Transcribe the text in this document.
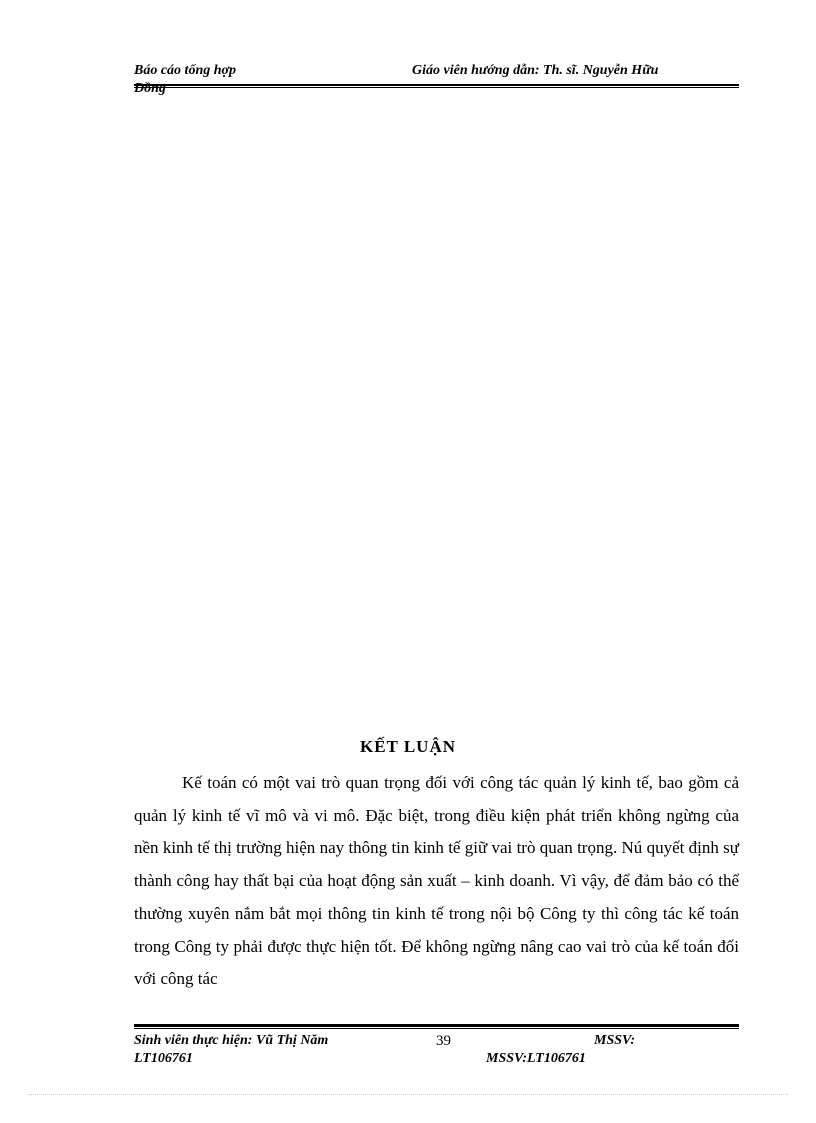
Báo cáo tổng hợp	Giáo viên hướng dẫn: Th. sĩ. Nguyễn Hữu
Đồng
KẾT LUẬN

Kế toán có một vai trò quan trọng đối với công tác quản lý kinh tế, bao gồm cả quản lý kinh tế vĩ mô và vi mô. Đặc biệt, trong điều kiện phát triển không ngừng của nền kinh tế thị trường hiện nay thông tin kinh tế giữ vai trò quan trọng. Nú quyết định sự thành công hay thất bại của hoạt động sản xuất – kinh doanh. Vì vậy, để đảm bảo có thể thường xuyên nắm bắt mọi thông tin kinh tế trong nội bộ Công ty thì công tác kế toán trong Công ty phải được thực hiện tốt. Để không ngừng nâng cao vai trò của kế toán đối với công tác

Sinh viên thực hiện: Vũ Thị Năm	39	MSSV:
LT106761	MSSV:LT106761
